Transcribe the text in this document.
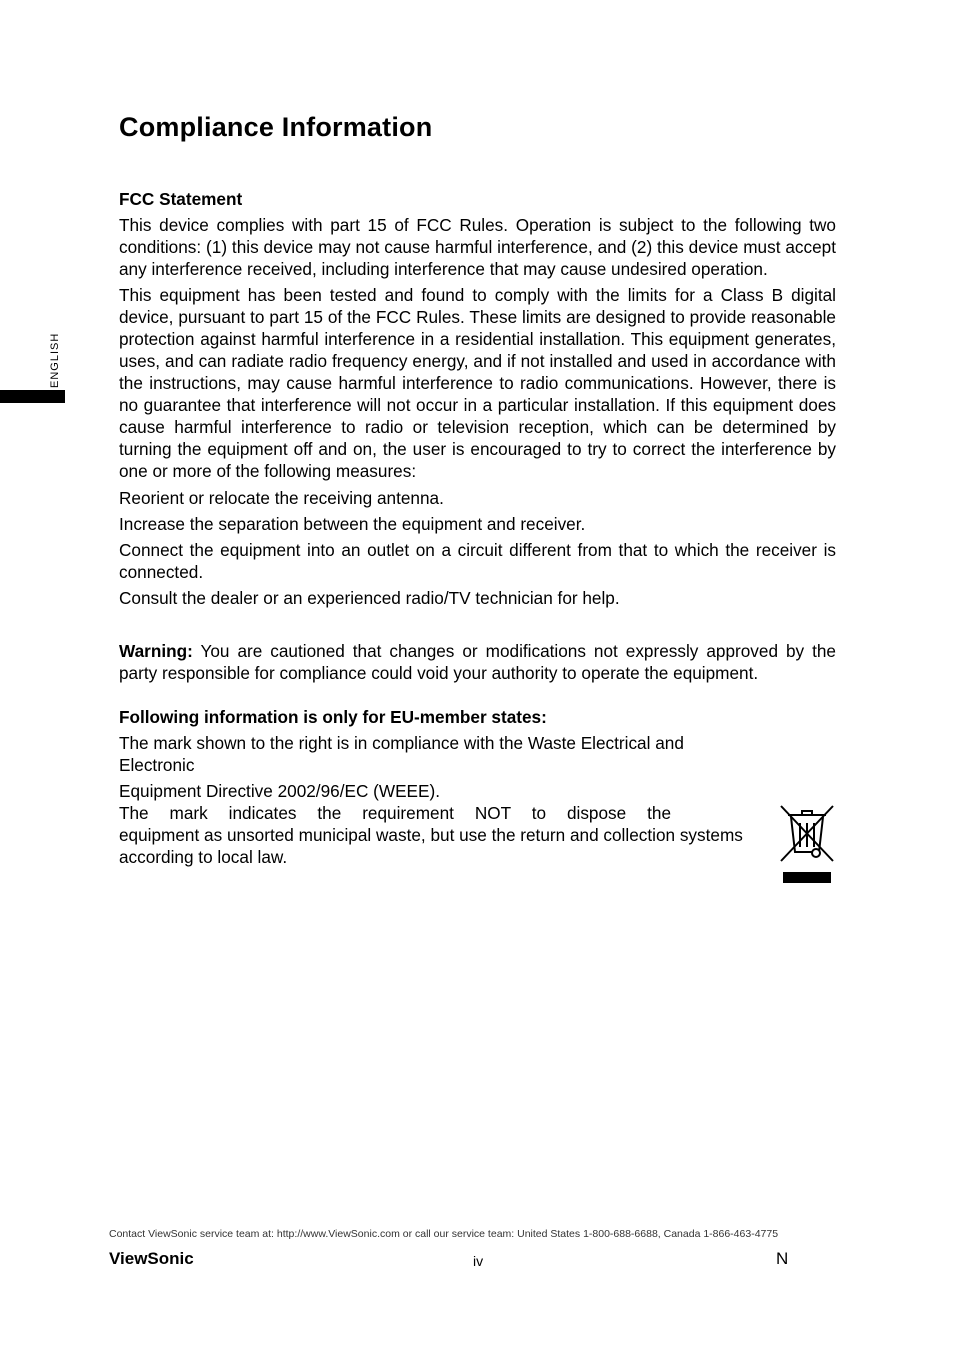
ENGLISH
Compliance Information

FCC Statement

This device complies with part 15 of FCC Rules. Operation is subject to the following two conditions: (1) this device may not cause harmful interference, and (2) this device must accept any interference received, including interference that may cause undesired operation.

This equipment has been tested and found to comply with the limits for a Class B digital device, pursuant to part 15 of the FCC Rules. These limits are designed to provide reasonable protection against harmful interference in a residential installation. This equipment generates, uses, and can radiate radio frequency energy, and if not installed and used in accordance with the instructions, may cause harmful interference to radio communications. However, there is no guarantee that interference will not occur in a particular installation. If this equipment does cause harmful interference to radio or television reception, which can be determined by turning the equipment off and on, the user is encouraged to try to correct the interference by one or more of the following measures:

Reorient or relocate the receiving antenna.

Increase the separation between the equipment and receiver.

Connect the equipment into an outlet on a circuit different from that to which the receiver is connected.

Consult the dealer or an experienced radio/TV technician for help.

Warning: You are cautioned that changes or modifications not expressly approved by the party responsible for compliance could void your authority to operate the equipment.

Following information is only for EU-member states:

The mark shown to the right is in compliance with the Waste Electrical and Electronic

Equipment Directive 2002/96/EC (WEEE).

The mark indicates the requirement NOT to dispose the

equipment as unsorted municipal waste, but use the return and collection systems according to local law.

Contact ViewSonic service team at: http://www.ViewSonic.com or call our service team: United States 1-800-688-6688, Canada 1-866-463-4775
ViewSonic	iv	N
